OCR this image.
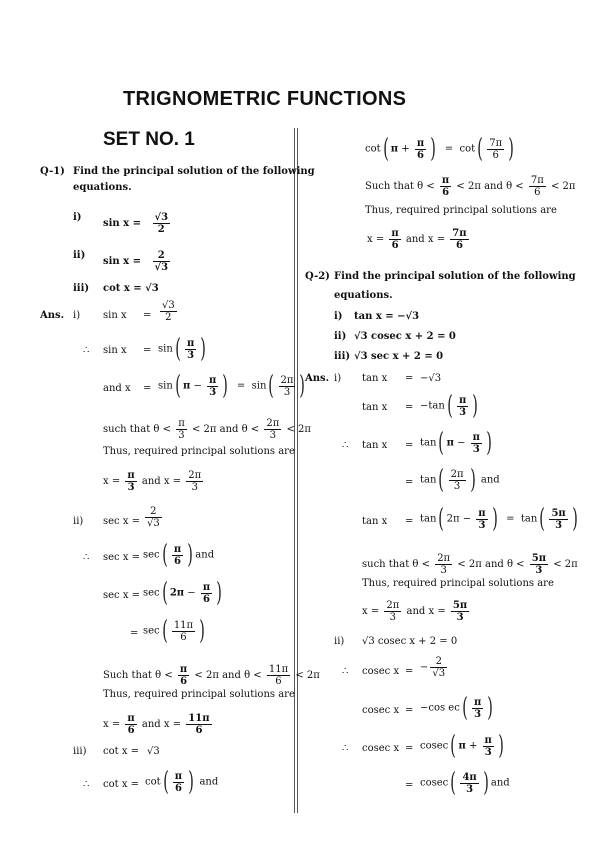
TRIGNOMETRIC FUNCTIONS
SET NO. 1
Q-1) Find the principal solution of the following
equations.
i)
$\sin x = \frac{√3}{2}$
ii)
$\sin x = \frac{2}{√3}$
iii) cot x = √3
Ans. i) $\sin x = \frac{√3}{2}$
∴ $\sin x = \sin( \frac{\pi}{3}$ )
and x = sin( $\pi - \frac{\pi}{3}$ ) = $\sin( \frac{2\pi}{3}$ )
such that $\theta < \frac{\pi}{3} < 2\pi$ and $\theta < \frac{2\pi}{3} < 2\pi$
Thus, required principal solutions are
$x = \frac{\pi}{3}$ and $x = \frac{2\pi}{3}$
ii) $\sec x = \frac{2}{√3}$
∴ $\sec x = \sec( \frac{\pi}{6}$ ) and
sec x = sec( $2\pi - \frac{\pi}{6}$ )
= $\sec( \frac{11\pi}{6}$ )
Such that $\theta < \frac{\pi}{6} < 2\pi$ and $\theta < \frac{11\pi}{6} < 2\pi$
Thus, required principal solutions are
$x = \frac{\pi}{6}$ and $x = \frac{11\pi}{6}$
iii) cot x = √3
∴ $\cot x = \cot( \frac{\pi}{6}$ ) and
cot( $\pi + \frac{\pi}{6}$ ) = $\cot( \frac{7\pi}{6}$ )
Such that $\theta < \frac{\pi}{6} < 2\pi$ and $\theta < \frac{7\pi}{6} < 2\pi$
Thus, required principal solutions are
$x = \frac{\pi}{6}$ and $x = \frac{7\pi}{6}$
Q-2) Find the principal solution of the following
equations.
i) tan x = −√3
ii) √3 cosec x + 2 = 0
iii) √3 sec x + 2 = 0
Ans. i) tan x = −√3
$\tan x = -\tan( \frac{\pi}{3}$ )
∴ tan x = tan( $\pi - \frac{\pi}{3}$ )
= $\tan( \frac{2\pi}{3}$ ) and
tan x = tan( $2\pi - \frac{\pi}{3}$ ) = $\tan( \frac{5\pi}{3}$ )
such that $\theta < \frac{2\pi}{3} < 2\pi$ and $\theta < \frac{5\pi}{3} < 2\pi$
Thus, required principal solutions are
$x = \frac{2\pi}{3}$ and $x = \frac{5\pi}{3}$
ii) √3 cosec x + 2 = 0
∴ cosec x = − $\frac{2}{√3}$
cosec x = −cos $ec( \frac{\pi}{3}$ )
∴ cosec x = cosec( $\pi + \frac{\pi}{3}$ )
= $cosec( \frac{4\pi}{3}$ ) and
